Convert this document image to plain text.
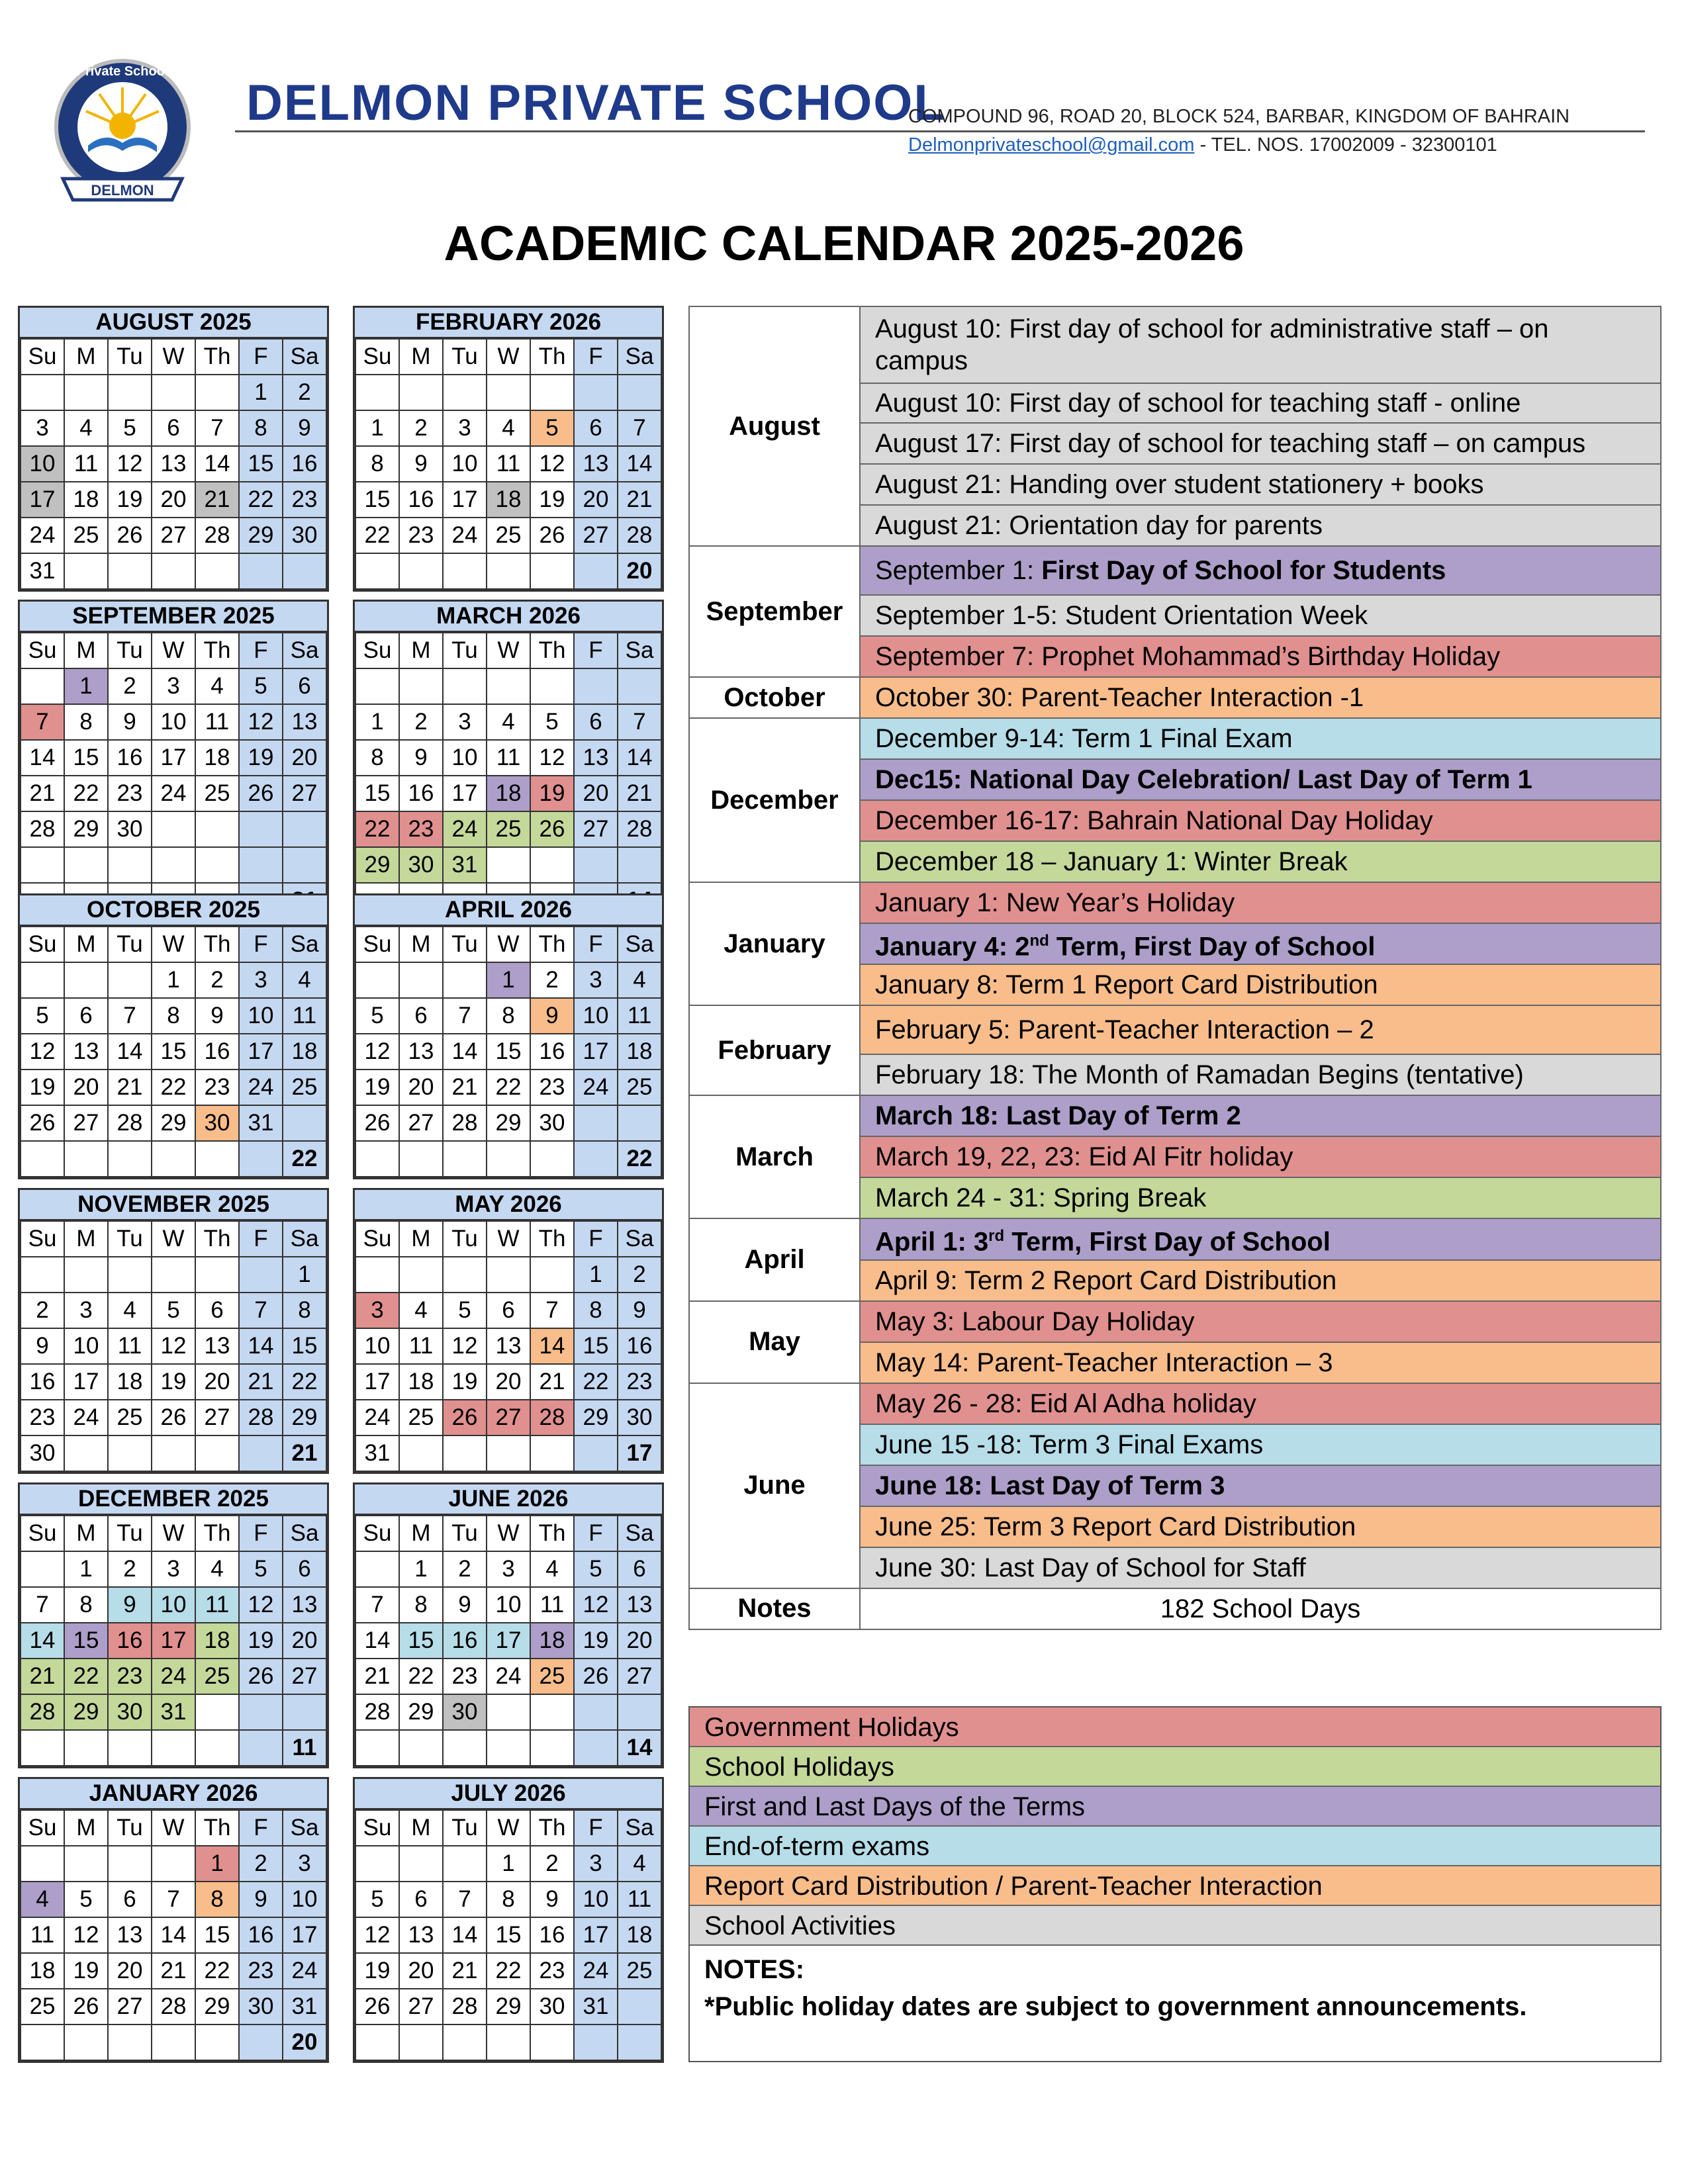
Private School
DELMON
DELMON PRIVATE SCHOOL
COMPOUND 96, ROAD 20, BLOCK 524, BARBAR, KINGDOM OF BAHRAIN
Delmonprivateschool@gmail.com - TEL. NOS. 17002009 - 32300101
ACADEMIC CALENDAR 2025-2026
AUGUST 2025
Su	M	Tu	W	Th	F	Sa
					1	2
3	4	5	6	7	8	9
10	11	12	13	14	15	16
17	18	19	20	21	22	23
24	25	26	27	28	29	30
31						
SEPTEMBER 2025
Su	M	Tu	W	Th	F	Sa
	1	2	3	4	5	6
7	8	9	10	11	12	13
14	15	16	17	18	19	20
21	22	23	24	25	26	27
28	29	30				

OCTOBER 2025
Su	M	Tu	W	Th	F	Sa
			1	2	3	4
5	6	7	8	9	10	11
12	13	14	15	16	17	18
19	20	21	22	23	24	25
26	27	28	29	30	31	
						22
NOVEMBER 2025
Su	M	Tu	W	Th	F	Sa
						1
2	3	4	5	6	7	8
9	10	11	12	13	14	15
16	17	18	19	20	21	22
23	24	25	26	27	28	29
30						21
DECEMBER 2025
Su	M	Tu	W	Th	F	Sa
	1	2	3	4	5	6
7	8	9	10	11	12	13
14	15	16	17	18	19	20
21	22	23	24	25	26	27
28	29	30	31			
						11
JANUARY 2026
Su	M	Tu	W	Th	F	Sa
				1	2	3
4	5	6	7	8	9	10
11	12	13	14	15	16	17
18	19	20	21	22	23	24
25	26	27	28	29	30	31
						20
FEBRUARY 2026
Su	M	Tu	W	Th	F	Sa

1	2	3	4	5	6	7
8	9	10	11	12	13	14
15	16	17	18	19	20	21
22	23	24	25	26	27	28
						20
MARCH 2026
Su	M	Tu	W	Th	F	Sa

1	2	3	4	5	6	7
8	9	10	11	12	13	14
15	16	17	18	19	20	21
22	23	24	25	26	27	28
29	30	31				

APRIL 2026
Su	M	Tu	W	Th	F	Sa
			1	2	3	4
5	6	7	8	9	10	11
12	13	14	15	16	17	18
19	20	21	22	23	24	25
26	27	28	29	30		
						22
MAY 2026
Su	M	Tu	W	Th	F	Sa
					1	2
3	4	5	6	7	8	9
10	11	12	13	14	15	16
17	18	19	20	21	22	23
24	25	26	27	28	29	30
31						17
JUNE 2026
Su	M	Tu	W	Th	F	Sa
	1	2	3	4	5	6
7	8	9	10	11	12	13
14	15	16	17	18	19	20
21	22	23	24	25	26	27
28	29	30				
						14
JULY 2026
Su	M	Tu	W	Th	F	Sa
			1	2	3	4
5	6	7	8	9	10	11
12	13	14	15	16	17	18
19	20	21	22	23	24	25
26	27	28	29	30	31	

August	August 10: First day of school for administrative staff – on campus
	August 10: First day of school for teaching staff - online
	August 17: First day of school for teaching staff – on campus
	August 21: Handing over student stationery + books
	August 21: Orientation day for parents
September	September 1: First Day of School for Students
	September 1-5: Student Orientation Week
	September 7: Prophet Mohammad’s Birthday Holiday
October	October 30: Parent-Teacher Interaction -1
December	December 9-14: Term 1 Final Exam
	Dec15: National Day Celebration/ Last Day of Term 1
	December 16-17: Bahrain National Day Holiday
	December 18 – January 1: Winter Break
January	January 1: New Year’s Holiday
	January 4: 2nd Term, First Day of School
	January 8: Term 1 Report Card Distribution
February	February 5: Parent-Teacher Interaction – 2
	February 18: The Month of Ramadan Begins (tentative)
March	March 18: Last Day of Term 2
	March 19, 22, 23: Eid Al Fitr holiday
	March 24 - 31: Spring Break
April	April 1: 3rd Term, First Day of School
	April 9: Term 2 Report Card Distribution
May	May 3: Labour Day Holiday
	May 14: Parent-Teacher Interaction – 3
June	May 26 - 28: Eid Al Adha holiday
	June 15 -18: Term 3 Final Exams
	June 18: Last Day of Term 3
	June 25: Term 3 Report Card Distribution
	June 30: Last Day of School for Staff
Notes	182 School Days
Government Holidays
School Holidays
First and Last Days of the Terms
End-of-term exams
Report Card Distribution / Parent-Teacher Interaction
School Activities
NOTES:
*Public holiday dates are subject to government announcements.
